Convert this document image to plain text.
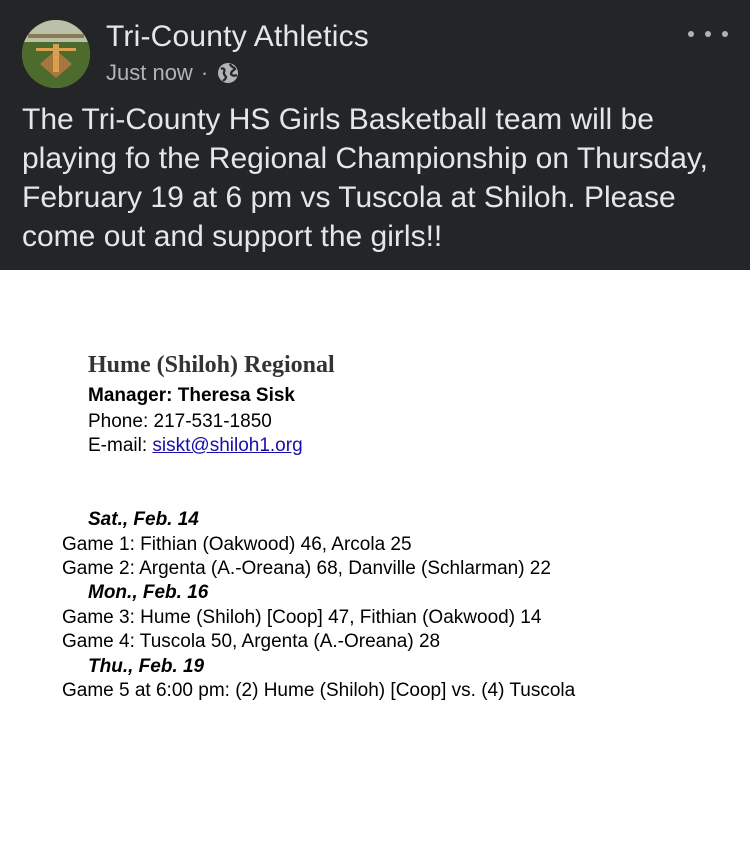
Tri-County Athletics
Just now ·
The Tri-County HS Girls Basketball team will be playing fo the Regional Championship on Thursday, February 19 at 6 pm vs Tuscola at Shiloh. Please come out and support the girls!!
Hume (Shiloh) Regional
Manager: Theresa Sisk
Phone: 217-531-1850
E-mail: siskt@shiloh1.org
Sat., Feb. 14
Game 1: Fithian (Oakwood) 46, Arcola 25
Game 2: Argenta (A.-Oreana) 68, Danville (Schlarman) 22
Mon., Feb. 16
Game 3: Hume (Shiloh) [Coop] 47, Fithian (Oakwood) 14
Game 4: Tuscola 50, Argenta (A.-Oreana) 28
Thu., Feb. 19
Game 5 at 6:00 pm: (2) Hume (Shiloh) [Coop] vs. (4) Tuscola
